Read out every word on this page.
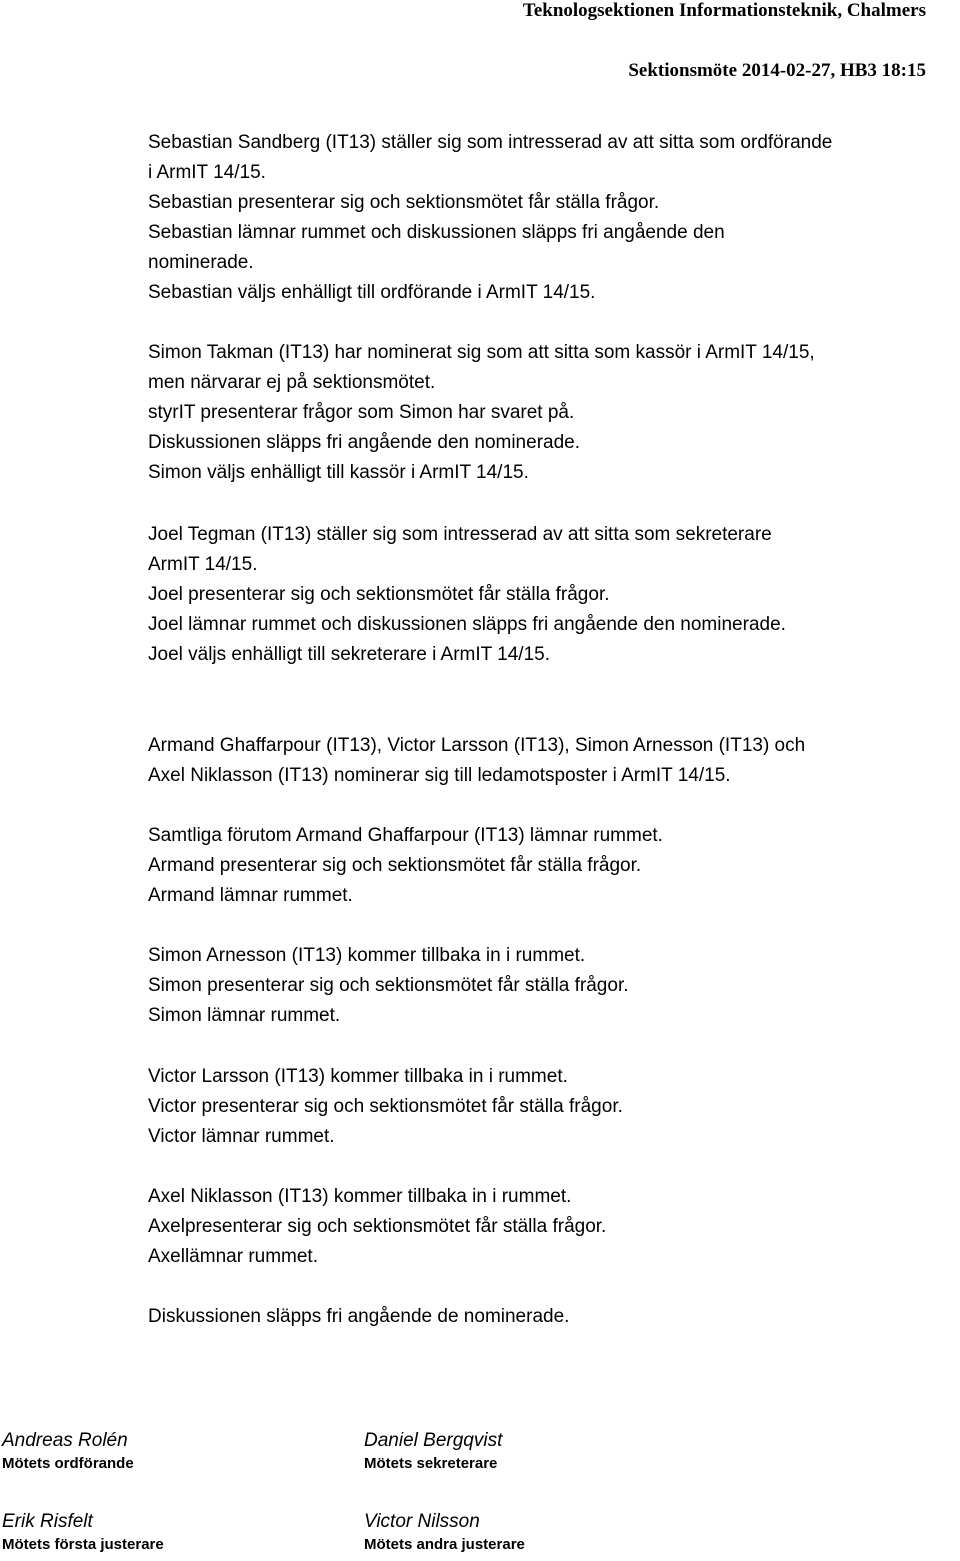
Teknologsektionen Informationsteknik, Chalmers
Sektionsmöte 2014-02-27, HB3 18:15
Sebastian Sandberg (IT13) ställer sig som intresserad av att sitta som ordförande
i ArmIT 14/15.
Sebastian presenterar sig och sektionsmötet får ställa frågor.
Sebastian lämnar rummet och diskussionen släpps fri angående den
nominerade.
Sebastian väljs enhälligt till ordförande i ArmIT 14/15.
Simon Takman (IT13) har nominerat sig som att sitta som kassör i ArmIT 14/15,
men närvarar ej på sektionsmötet.
styrIT presenterar frågor som Simon har svaret på.
Diskussionen släpps fri angående den nominerade.
Simon väljs enhälligt till kassör i ArmIT 14/15.
Joel Tegman (IT13) ställer sig som intresserad av att sitta som sekreterare
ArmIT 14/15.
Joel presenterar sig och sektionsmötet får ställa frågor.
Joel lämnar rummet och diskussionen släpps fri angående den nominerade.
Joel väljs enhälligt till sekreterare i ArmIT 14/15.
Armand Ghaffarpour (IT13), Victor Larsson (IT13), Simon Arnesson (IT13) och
Axel Niklasson (IT13) nominerar sig till ledamotsposter i ArmIT 14/15.
Samtliga förutom Armand Ghaffarpour (IT13) lämnar rummet.
Armand presenterar sig och sektionsmötet får ställa frågor.
Armand lämnar rummet.
Simon Arnesson (IT13) kommer tillbaka in i rummet.
Simon presenterar sig och sektionsmötet får ställa frågor.
Simon lämnar rummet.
Victor Larsson (IT13) kommer tillbaka in i rummet.
Victor presenterar sig och sektionsmötet får ställa frågor.
Victor lämnar rummet.
Axel Niklasson (IT13) kommer tillbaka in i rummet.
Axelpresenterar sig och sektionsmötet får ställa frågor.
Axellämnar rummet.
Diskussionen släpps fri angående de nominerade.
Andreas Rolén
Mötets ordförande
Daniel Bergqvist
Mötets sekreterare
Erik Risfelt
Mötets första justerare
Victor Nilsson
Mötets andra justerare
